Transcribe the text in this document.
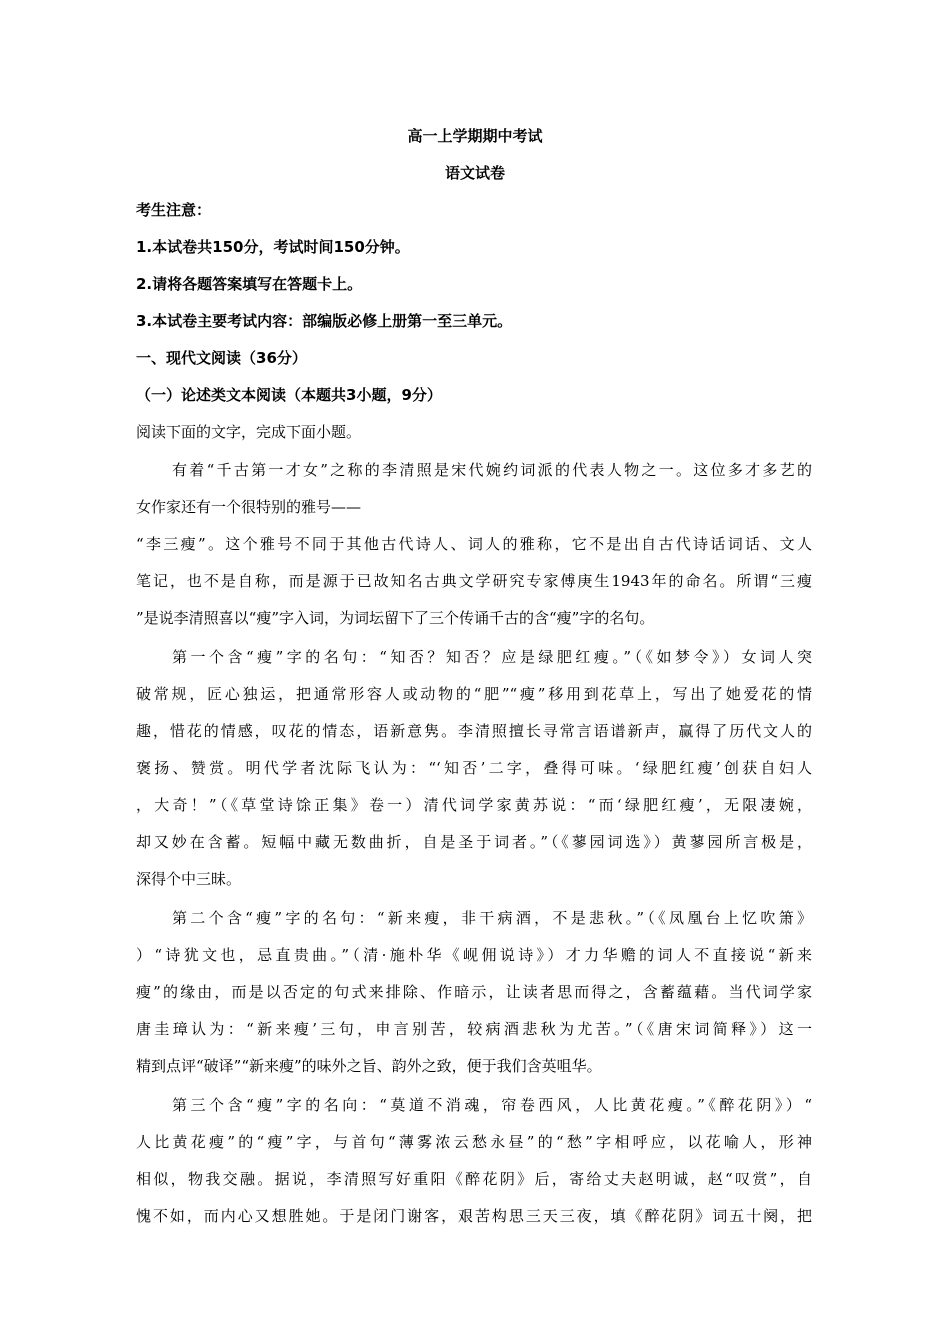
高一上学期期中考试
语文试卷
考生注意：
1.本试卷共150分，考试时间150分钟。
2.请将各题答案填写在答题卡上。
3.本试卷主要考试内容：部编版必修上册第一至三单元。
一、现代文阅读（36分）
（一）论述类文本阅读（本题共3小题，9分）
阅读下面的文字，完成下面小题。
有着“千古第一才女”之称的李清照是宋代婉约词派的代表人物之一。这位多才多艺的
女作家还有一个很特别的雅号——
“李三瘦”。这个雅号不同于其他古代诗人、词人的雅称，它不是出自古代诗话词话、文人
笔记，也不是自称，而是源于已故知名古典文学研究专家傅庚生1943年的命名。所谓“三瘦
”是说李清照喜以“瘦”字入词，为词坛留下了三个传诵千古的含“瘦”字的名句。
第一个含“瘦”字的名句：“知否？知否？应是绿肥红瘦。”（《如梦令》）女词人突
破常规，匠心独运，把通常形容人或动物的“肥”“瘦”移用到花草上，写出了她爱花的情
趣，惜花的情感，叹花的情态，语新意隽。李清照擅长寻常言语谱新声，赢得了历代文人的
褒扬、赞赏。明代学者沈际飞认为：“‘知否’二字，叠得可味。‘绿肥红瘦’创获自妇人
，大奇！”（《草堂诗馀正集》卷一）清代词学家黄苏说：“而‘绿肥红瘦’，无限凄婉，
却又妙在含蓄。短幅中藏无数曲折，自是圣于词者。”（《蓼园词选》）黄蓼园所言极是，
深得个中三昧。
第二个含“瘦”字的名句：“新来瘦，非干病酒，不是悲秋。”（《凤凰台上忆吹箫》
）“诗犹文也，忌直贵曲。”（清·施朴华《岘佣说诗》）才力华赡的词人不直接说“新来
瘦”的缘由，而是以否定的句式来排除、作暗示，让读者思而得之，含蓄蕴藉。当代词学家
唐圭璋认为：“新来瘦’三句，申言别苦，较病酒悲秋为尤苦。”（《唐宋词简释》）这一
精到点评“破译”“新来瘦”的味外之旨、韵外之致，便于我们含英咀华。
第三个含“瘦”字的名向：“莫道不消魂，帘卷西风，人比黄花瘦。”《醉花阴》）“
人比黄花瘦”的“瘦”字，与首句“薄雾浓云愁永昼”的“愁”字相呼应，以花喻人，形神
相似，物我交融。据说，李清照写好重阳《醉花阴》后，寄给丈夫赵明诚，赵“叹赏”，自
愧不如，而内心又想胜她。于是闭门谢客，艰苦构思三天三夜，填《醉花阴》词五十阕，把
